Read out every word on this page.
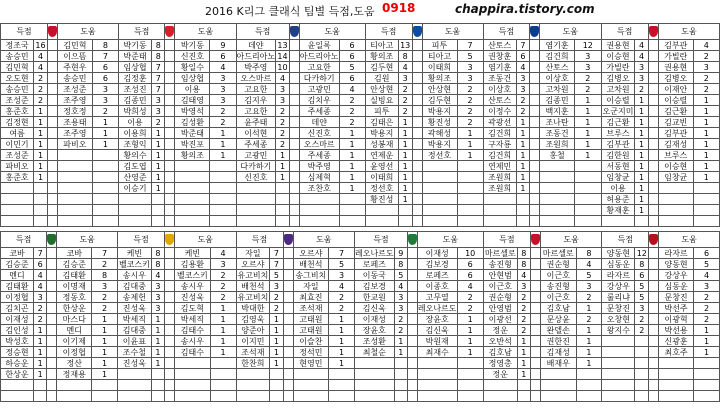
2016 K리그 클래식 팀별 득점,도움 0918	chappira.tistory.com
득점			도움		득점			도움		득점			도움		득점			도움		득점			도움		득점			도움	
정조국	16		김민혁	8	박기동	8		박기동	9	데얀	13		윤일록	6	티아고	13		피투	7	산토스	7		염기훈	12	권용현	4		김부관	4
송승민	4		이으뜸	7	박준태	8		신진호	6	아드리아노	14		아드리아노	6	황의조	8		티아고	5	권창훈	6		김건희	3	이승현	4		가빌란	2
김민혁	4		주현우	6	임상협	7		황일수	4	박주영	10		고요한	5	김두현	4		이태희	3	염기훈	4		산토스	3	가빌란	3		권용현	3
오도현	2		송승민	6	김정훈	7		임상협	3	오스마르	4		다카하기	6	김원	3		황의조	3	조동건	3		이상호	2	김병오	3		김병오	2
송승민	2		조성준	3	조성진	7		이용	3	고요한	3		고광민	4	안상현	2		안상현	2	이상호	3		고차원	2	고차원	2		이재안	2
조성준	2		조주영	3	김종민	3		김태영	3	김지우	3		김치우	2	실빙요	2		김두현	2	산토스	2		김종민	1	이승렬	1		이승렬	1
홍준호	1		정호정	2	박희성	3		박영석	2	고요한	2		주세종	2	피투	2		박용지	2	이정수	2		백지훈	1	오군지미	1		김근환	1
김정현	1		조용태	1	이용	2		김성환	2	윤주태	2		데얀	2	김태은	1		황진성	2	곽광선	1		조나탄	1	김근환	1		김교빈	1
여름	1		조주영	1	이용희	1		박준태	1	이석현	2		신진호	1	박용지	1		곽해성	1	김건희	1		조동건	1	브루스	1		김부관	1
이민기	1		파비오	1	조형익	1		박진포	1	주세종	2		오스마르	1	성봉재	1		박용지	1	구자룡	1		조원희	1	김부관	1		김재성	1
조성준	1				황의수	1		황의조	1	고광민	1		주세종	1	연제운	1		정선호	1	김건희	1		홍철	1	김한원	1		브루스	1
파비오	1				김도엽	1				다카하기	1		박주영	1	윤영선	1				연제민	1				서동현	1		이승현	1
홍준호	1				산영준	1				신진호	1		심제혁	1	이태희	1				조원희	1				임창균	1		임창균	1
					이승기	1							조찬호	1	정선호	1				조원희	1				이용	1			
															황진성	1									허용준	1			
																									황재훈	1			

득점			도움		득점			도움		득점			도움		득점			도움		득점			도움		득점			도움	
코바	7		코바	7	케빈	8		케빈	4	자일	7		오르샤	7	레오나르도	9		이재성	10	마르셀로	8		마르셀로	8	양동현	12		라자르	6
김승준	6		김승준	2	벨코스키	8		김용환	3	오르샤	7		배천석	5	로페즈	8		김보경	6	송진형	8		권순형	4	심동운	8		양동현	5
멘디	4		김태환	8	송시우	4		벨코스키	2	유고비치	5		송그비치	3	이동국	5		로페즈	6	안현범	4		이근호	5	라자르	6		강상우	4
김태환	4		이명재	3	김대중	3		송시우	2	배천석	3		자일	4	김보경	4		이종호	4	이근호	3		송진형	3	강상우	5		심동운	3
이정협	3		정동호	2	송제헌	3		진성욱	2	유고비치	2		최효진	2	한교원	3		고무열	2	권순형	2		이근호	2	룰리냐	5		문창진	2
김치곤	2		한상운	2	진성욱	3		김도혁	1	박대한	2		조석재	2	김신욱	3		레오나르도	2	안영범	2		김호남	1	문창진	3		박선주	2
이재성	2		마스다	1	박세직	1		박세직	1	김영욱	1		고태원	1	이재성	2		장윤호	1	이광선	2		문상윤	2	오창현	2		이광혁	2
김인성	1		멘디	1	김대중	1		김태수	1	양준아	1		고태원	1	장윤호	2		김신욱	1	정운	2		완델손	1	왕지수	2		박선용	1
박성호	1		이기제	1	이윤표	1		송시우	1	이지민	1		이슬찬	1	조성환	1		박원재	1	오반석	1		권한진	1				신광훈	1
정승현	1		이정협	1	조수철	1		김태수	1	조석재	1		정석민	1	최철순	1		최재수	1	김호남	1		김재성	1				최호주	1
하승운	1		정산	1	진성욱	1				한찬희	1		현영민	1						정영총	1		배재우	1					
한상운	1		정재용	1																정운	1								
